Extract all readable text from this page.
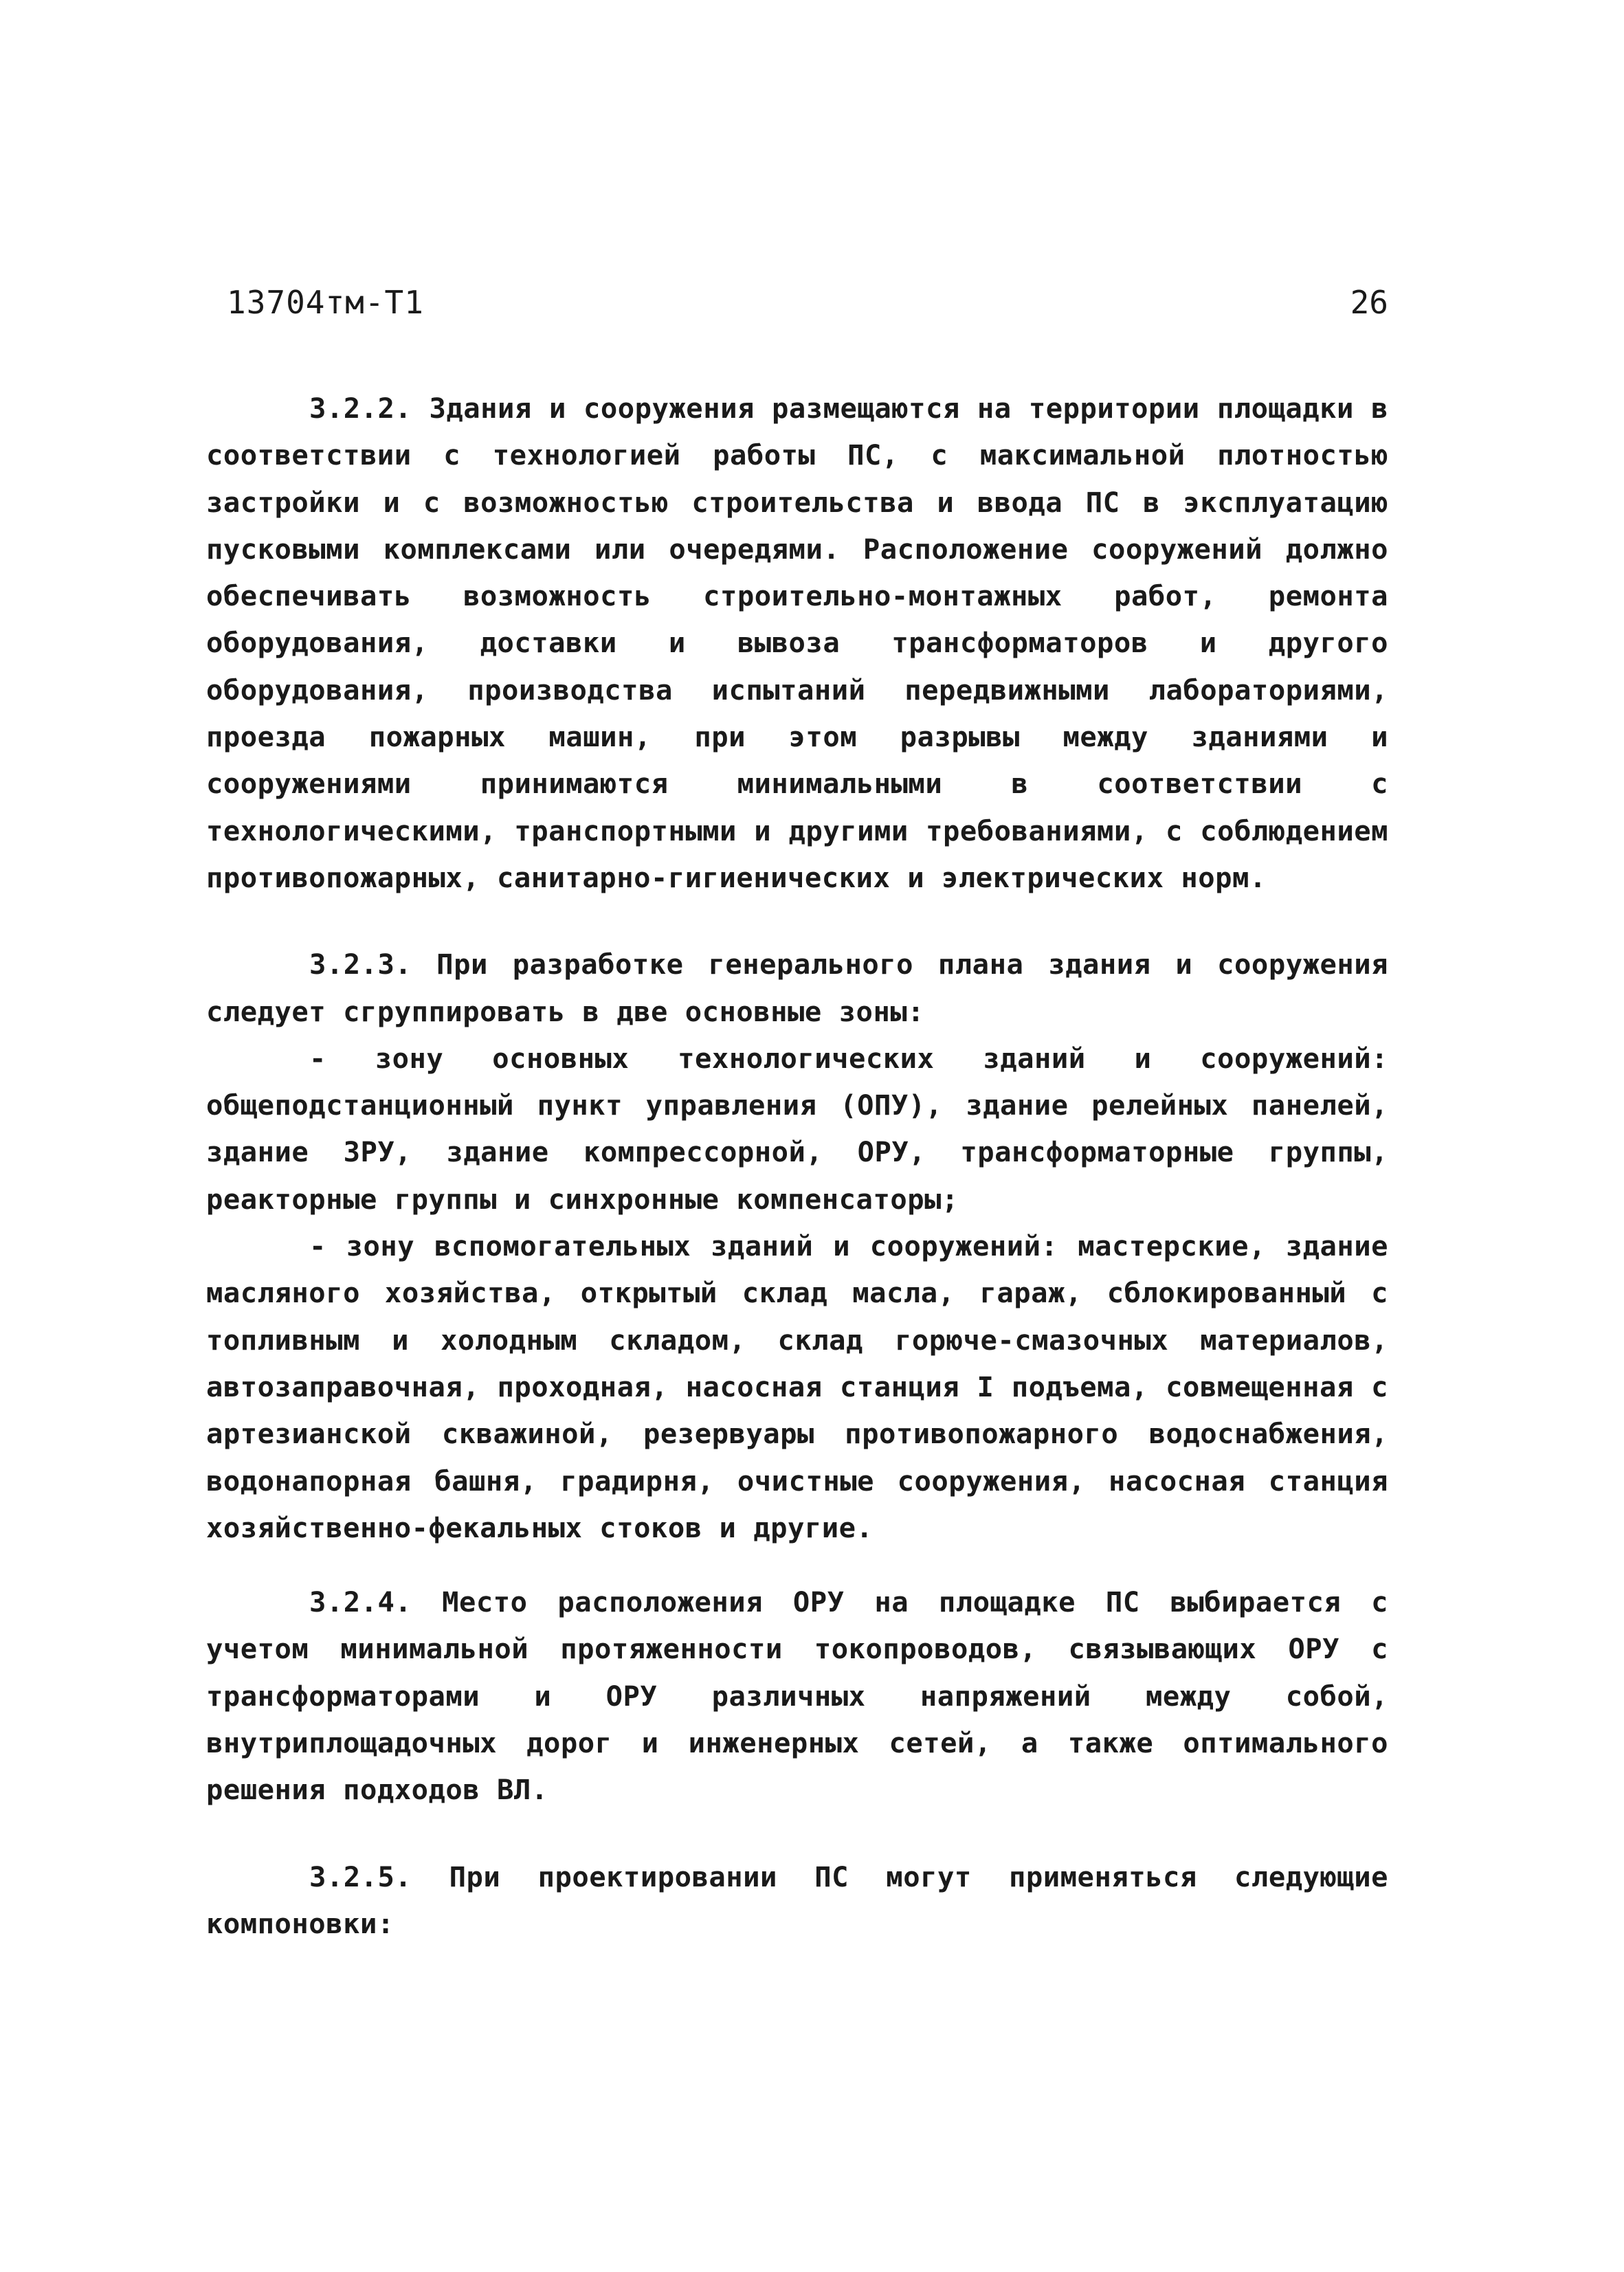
13704тм-Т1	26

3.2.2. Здания и сооружения размещаются на территории площадки в соответствии с технологией работы ПС, с максимальной плотностью застройки и с возможностью строительства и ввода ПС в эксплуатацию пусковыми комплексами или очередями. Расположение сооружений должно обеспечивать возможность строительно-монтажных работ, ремонта оборудования, доставки и вывоза трансформаторов и другого оборудования, производства испытаний передвижными лабораториями, проезда пожарных машин, при этом разрывы между зданиями и сооружениями принимаются минимальными в соответствии с технологическими, транспортными и другими требованиями, с соблюдением противопожарных, санитарно-гигиенических и электрических норм.

3.2.3. При разработке генерального плана здания и сооружения следует сгруппировать в две основные зоны:

- зону основных технологических зданий и сооружений: общеподстанционный пункт управления (ОПУ), здание релейных панелей, здание ЗРУ, здание компрессорной, ОРУ, трансформаторные группы, реакторные группы и синхронные компенсаторы;

- зону вспомогательных зданий и сооружений: мастерские, здание масляного хозяйства, открытый склад масла, гараж, сблокированный с топливным и холодным складом, склад горюче-смазочных материалов, автозаправочная, проходная, насосная станция I подъема, совмещенная с артезианской скважиной, резервуары противопожарного водоснабжения, водонапорная башня, градирня, очистные сооружения, насосная станция хозяйственно-фекальных стоков и другие.

3.2.4. Место расположения ОРУ на площадке ПС выбирается с учетом минимальной протяженности токопроводов, связывающих ОРУ с трансформаторами и ОРУ различных напряжений между собой, внутриплощадочных дорог и инженерных сетей, а также оптимального решения подходов ВЛ.

3.2.5. При проектировании ПС могут применяться следующие компоновки:
